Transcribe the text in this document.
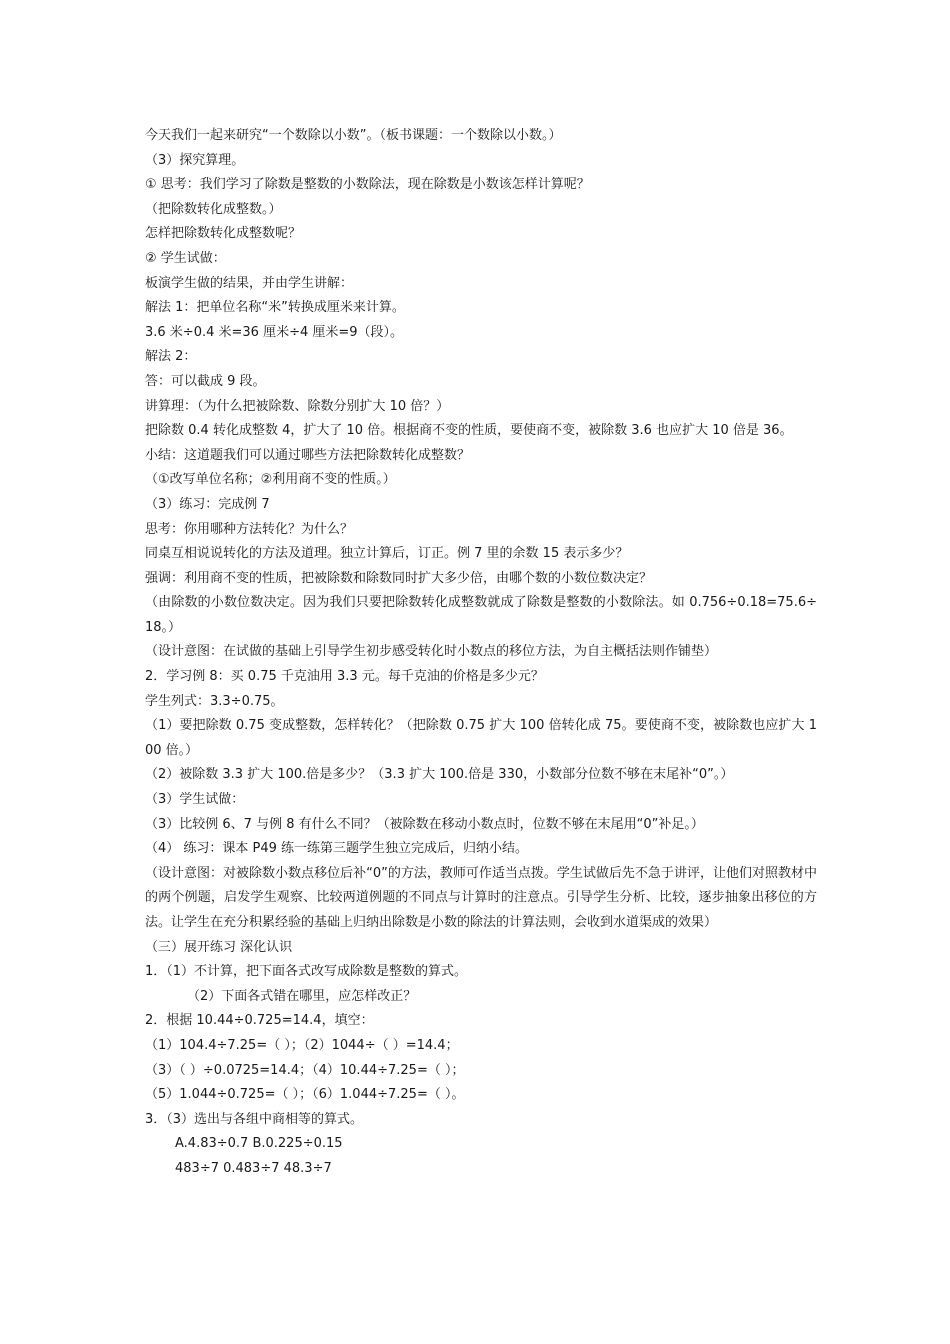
今天我们一起来研究“一个数除以小数”。（板书课题：一个数除以小数。）

（3）探究算理。

① 思考：我们学习了除数是整数的小数除法，现在除数是小数该怎样计算呢？

（把除数转化成整数。）

怎样把除数转化成整数呢？

② 学生试做：

板演学生做的结果，并由学生讲解：

解法 1：把单位名称“米”转换成厘米来计算。

3.6 米÷0.4 米=36 厘米÷4 厘米=9（段）。

解法 2：

答：可以截成 9 段。

讲算理：（为什么把被除数、除数分别扩大 10 倍？）

把除数 0.4 转化成整数 4，扩大了 10 倍。根据商不变的性质，要使商不变，被除数 3.6 也应扩大 10 倍是 36。

小结：这道题我们可以通过哪些方法把除数转化成整数？

（①改写单位名称；②利用商不变的性质。）

（3）练习：完成例 7

思考：你用哪种方法转化？为什么？

同桌互相说说转化的方法及道理。独立计算后，订正。例 7 里的余数 15 表示多少？

强调：利用商不变的性质，把被除数和除数同时扩大多少倍，由哪个数的小数位数决定？

（由除数的小数位数决定。因为我们只要把除数转化成整数就成了除数是整数的小数除法。如 0.756÷0.18=75.6÷18。）

（设计意图：在试做的基础上引导学生初步感受转化时小数点的移位方法，为自主概括法则作铺垫）

2．学习例 8：买 0.75 千克油用 3.3 元。每千克油的价格是多少元？

学生列式：3.3÷0.75。

（1）要把除数 0.75 变成整数，怎样转化？（把除数 0.75 扩大 100 倍转化成 75。要使商不变，被除数也应扩大 100 倍。）

（2）被除数 3.3 扩大 100.倍是多少？（3.3 扩大 100.倍是 330，小数部分位数不够在末尾补“0”。）

（3）学生试做：

（3）比较例 6、7 与例 8 有什么不同？（被除数在移动小数点时，位数不够在末尾用“0”补足。）

（4） 练习：课本 P49 练一练第三题学生独立完成后，归纳小结。

（设计意图：对被除数小数点移位后补“0”的方法，教师可作适当点拨。学生试做后先不急于讲评，让他们对照教材中的两个例题，启发学生观察、比较两道例题的不同点与计算时的注意点。引导学生分析、比较，逐步抽象出移位的方法。让学生在充分积累经验的基础上归纳出除数是小数的除法的计算法则，会收到水道渠成的效果）

（三）展开练习 深化认识

1．（1）不计算，把下面各式改写成除数是整数的算式。

（2）下面各式错在哪里，应怎样改正？

2．根据 10.44÷0.725=14.4，填空：

（1）104.4÷7.25=（ ）；（2）1044÷（ ）=14.4；

（3）（ ）÷0.0725=14.4；（4）10.44÷7.25=（ ）；

（5）1.044÷0.725=（ ）；（6）1.044÷7.25=（ ）。

3．（3）选出与各组中商相等的算式。

A.4.83÷0.7 B.0.225÷0.15

483÷7 0.483÷7 48.3÷7
